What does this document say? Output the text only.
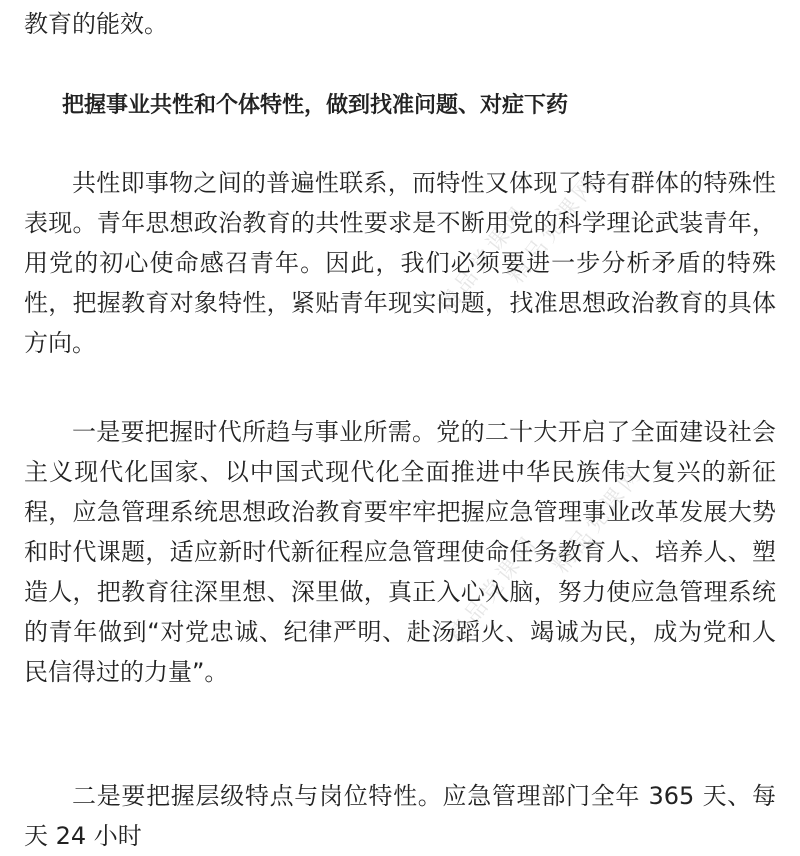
精品党课网
精品党课网
精品党课网
精品党课网

教育的能效。

把握事业共性和个体特性，做到找准问题、对症下药

共性即事物之间的普遍性联系，而特性又体现了特有群体的特殊性表现。青年思想政治教育的共性要求是不断用党的科学理论武装青年，用党的初心使命感召青年。因此，我们必须要进一步分析矛盾的特殊性，把握教育对象特性，紧贴青年现实问题，找准思想政治教育的具体方向。

一是要把握时代所趋与事业所需。党的二十大开启了全面建设社会主义现代化国家、以中国式现代化全面推进中华民族伟大复兴的新征程，应急管理系统思想政治教育要牢牢把握应急管理事业改革发展大势和时代课题，适应新时代新征程应急管理使命任务教育人、培养人、塑造人，把教育往深里想、深里做，真正入心入脑，努力使应急管理系统的青年做到“对党忠诚、纪律严明、赴汤蹈火、竭诚为民，成为党和人民信得过的力量”。

二是要把握层级特点与岗位特性。应急管理部门全年 365 天、每天 24 小时
